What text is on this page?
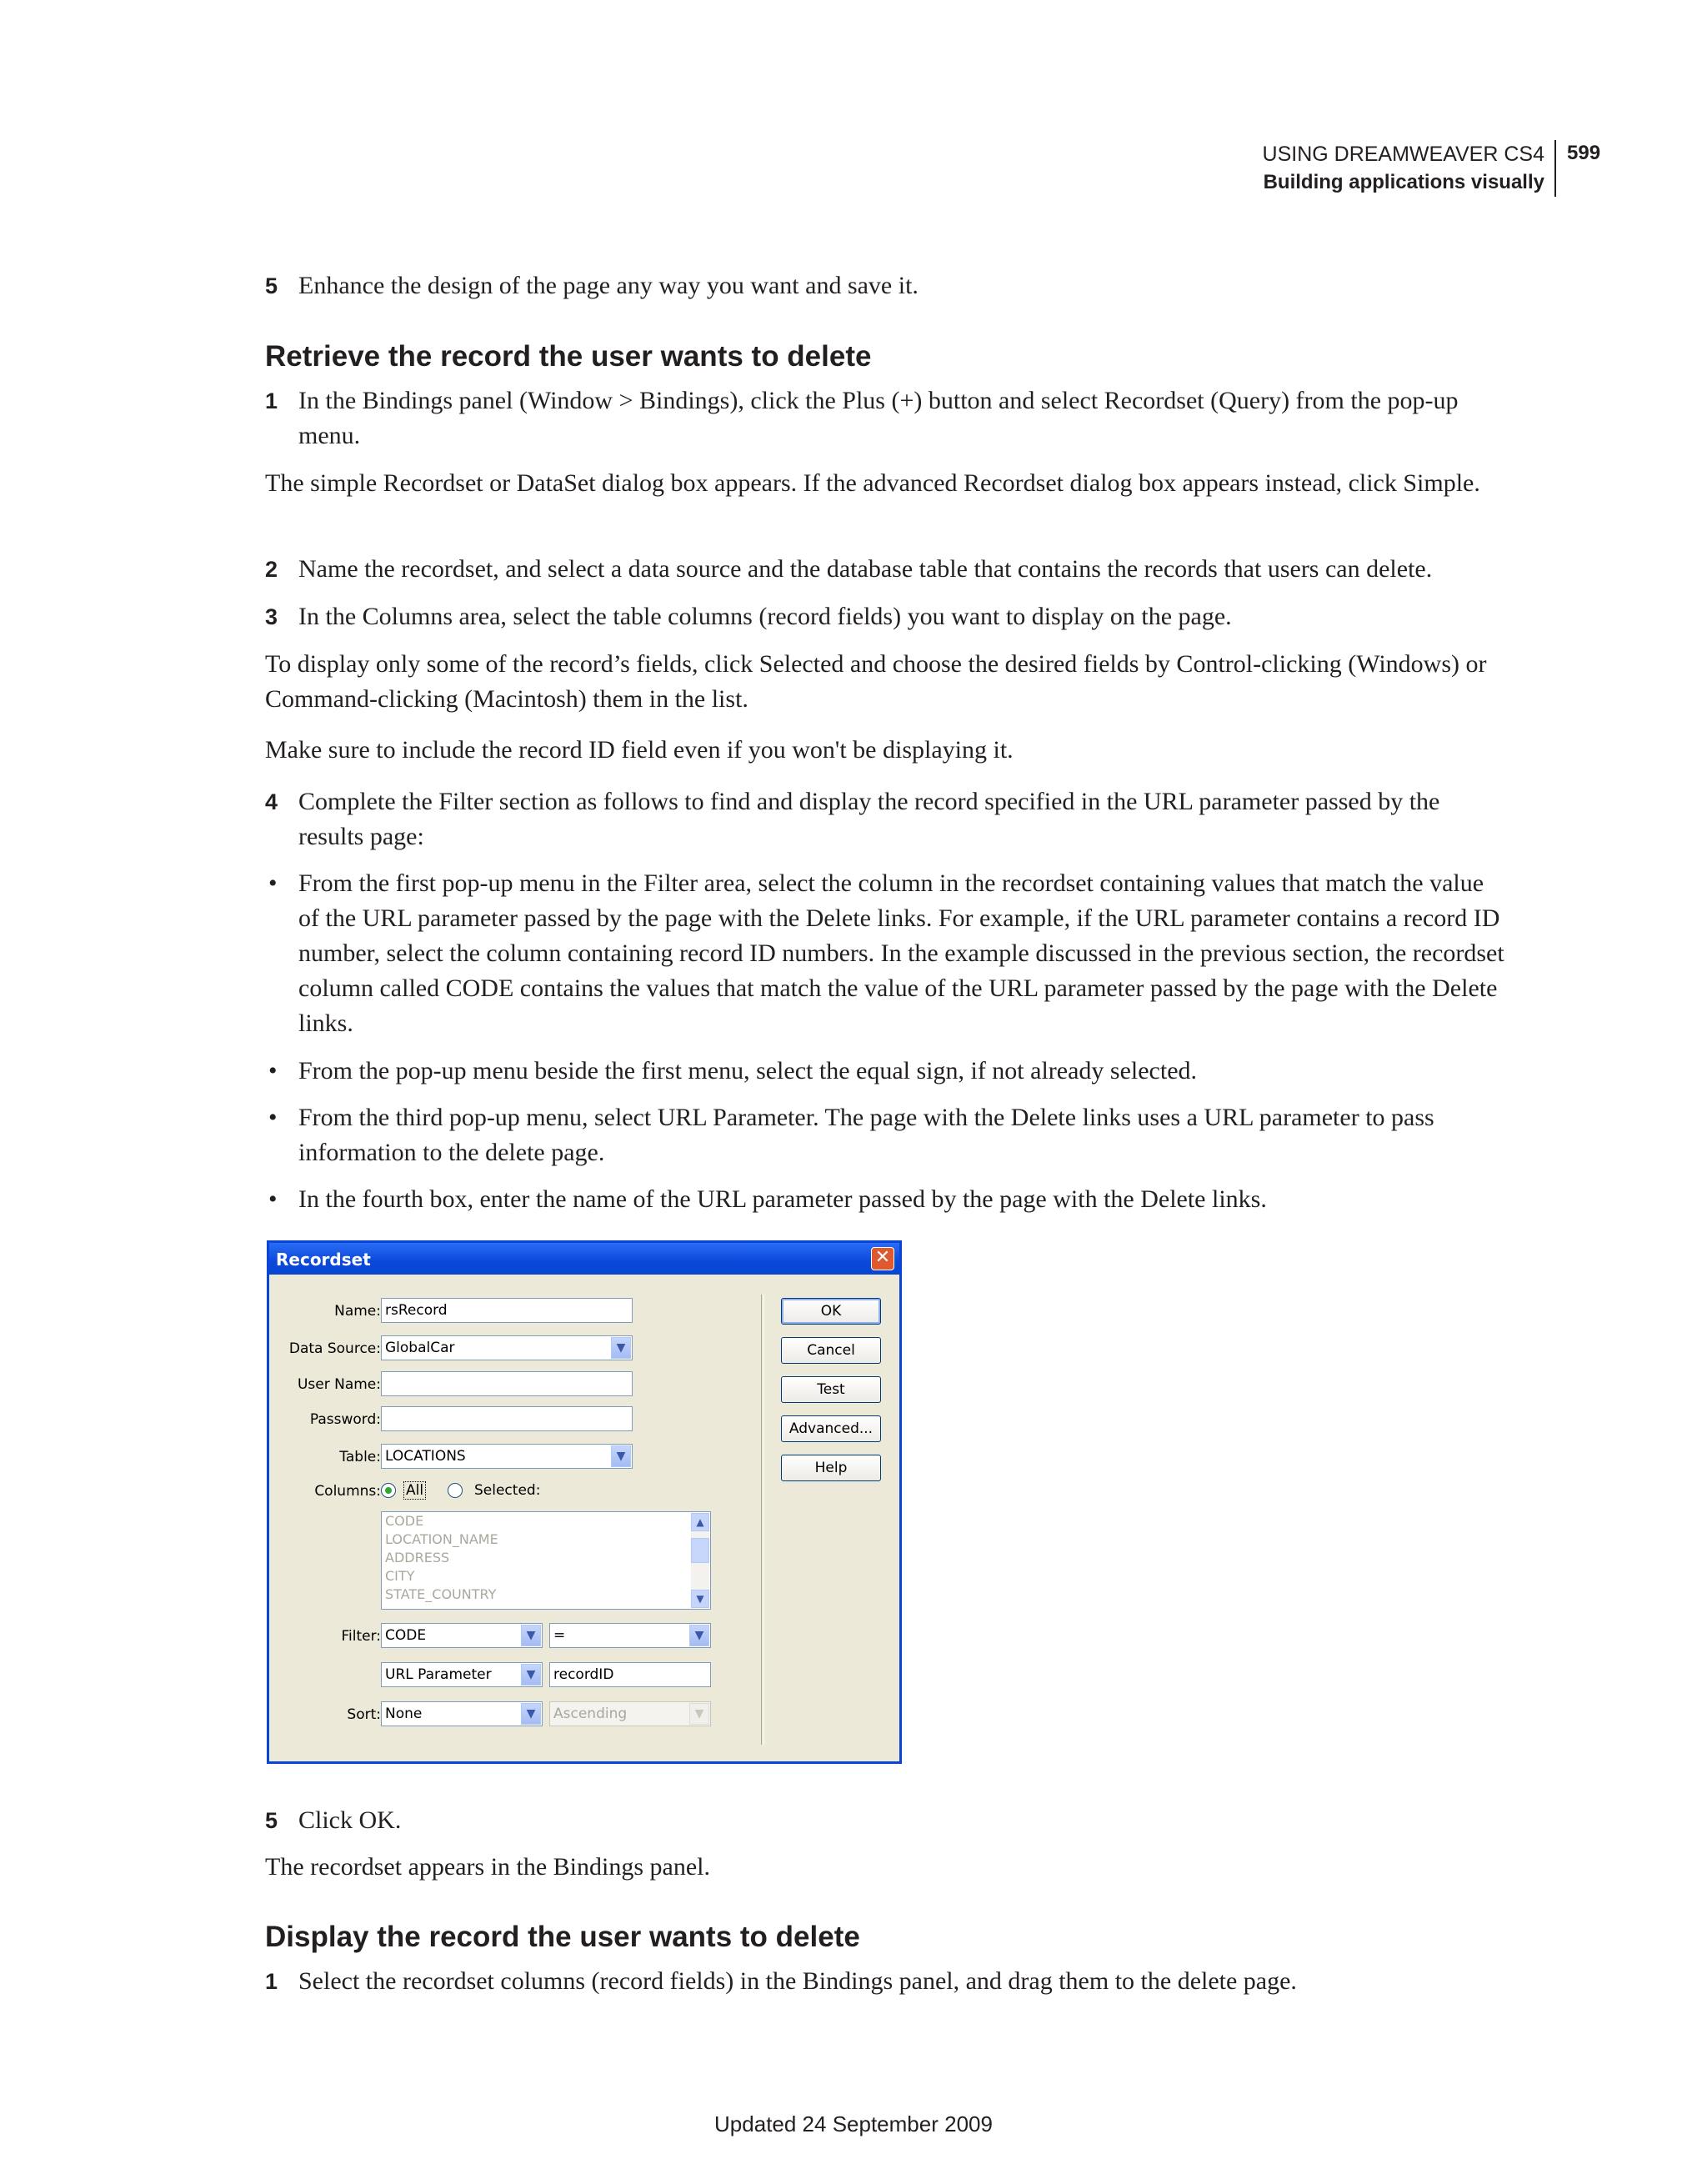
USING DREAMWEAVER CS4
Building applications visually
599
5 Enhance the design of the page any way you want and save it.
Retrieve the record the user wants to delete
1 In the Bindings panel (Window > Bindings), click the Plus (+) button and select Recordset (Query) from the pop-up menu.

The simple Recordset or DataSet dialog box appears. If the advanced Recordset dialog box appears instead, click Simple.

2 Name the recordset, and select a data source and the database table that contains the records that users can delete.
3 In the Columns area, select the table columns (record fields) you want to display on the page.

To display only some of the record’s fields, click Selected and choose the desired fields by Control-clicking (Windows) or Command-clicking (Macintosh) them in the list.

Make sure to include the record ID field even if you won't be displaying it.

4 Complete the Filter section as follows to find and display the record specified in the URL parameter passed by the results page:
• From the first pop-up menu in the Filter area, select the column in the recordset containing values that match the value of the URL parameter passed by the page with the Delete links. For example, if the URL parameter contains a record ID number, select the column containing record ID numbers. In the example discussed in the previous section, the recordset column called CODE contains the values that match the value of the URL parameter passed by the page with the Delete links.
• From the pop-up menu beside the first menu, select the equal sign, if not already selected.
• From the third pop-up menu, select URL Parameter. The page with the Delete links uses a URL parameter to pass information to the delete page.
• In the fourth box, enter the name of the URL parameter passed by the page with the Delete links.
Recordset	✕
Name: rsRecord
Data Source: GlobalCar	▼
User Name:
Password:
Table: LOCATIONS	▼
Columns: All	Selected:
CODE
LOCATION_NAME
ADDRESS
CITY
STATE_COUNTRY
▲
▼
Filter: CODE	▼	=	▼
URL Parameter	▼	recordID
Sort: None	▼	Ascending	▼
OK
Cancel
Test
Advanced...
Help
5 Click OK.

The recordset appears in the Bindings panel.

Display the record the user wants to delete
1 Select the recordset columns (record fields) in the Bindings panel, and drag them to the delete page.
Updated 24 September 2009
